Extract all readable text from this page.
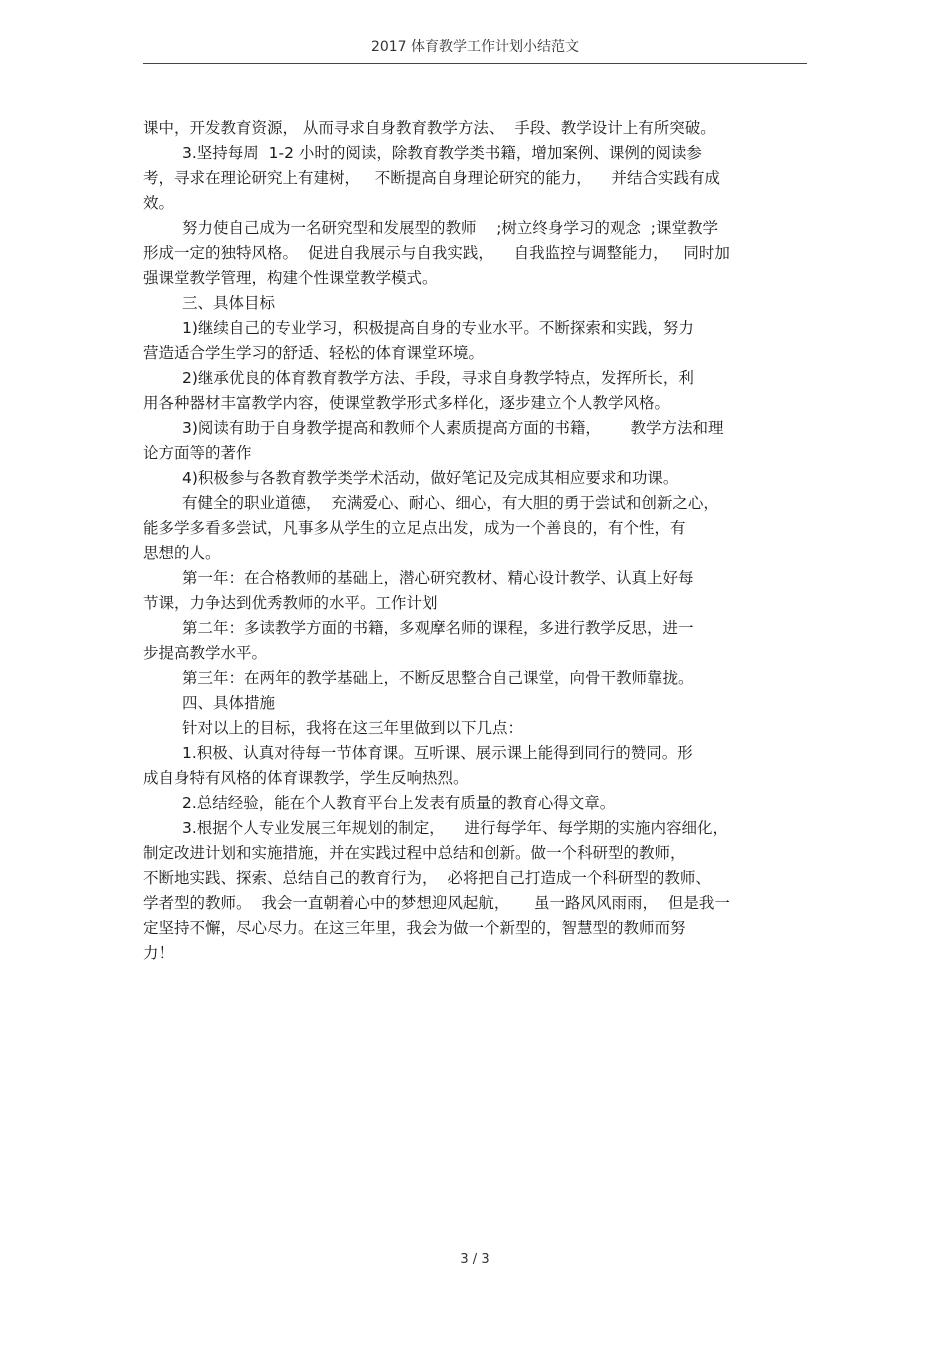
2017 体育教学工作计划小结范文
课中，开发教育资源， 从而寻求自身教育教学方法、  手段、教学设计上有所突破。
3.坚持每周  1-2 小时的阅读，除教育教学类书籍，增加案例、课例的阅读参
考，寻求在理论研究上有建树，   不断提高自身理论研究的能力，    并结合实践有成
效。
努力使自己成为一名研究型和发展型的教师    ;树立终身学习的观念  ;课堂教学
形成一定的独特风格。  促进自我展示与自我实践，    自我监控与调整能力，   同时加
强课堂教学管理，构建个性课堂教学模式。
三、具体目标
1)继续自己的专业学习，积极提高自身的专业水平。不断探索和实践，努力
营造适合学生学习的舒适、轻松的体育课堂环境。
2)继承优良的体育教育教学方法、手段，寻求自身教学特点，发挥所长，利
用各种器材丰富教学内容，使课堂教学形式多样化，逐步建立个人教学风格。
3)阅读有助于自身教学提高和教师个人素质提高方面的书籍，      教学方法和理
论方面等的著作
4)积极参与各教育教学类学术活动，做好笔记及完成其相应要求和功课。
有健全的职业道德，  充满爱心、耐心、细心，有大胆的勇于尝试和创新之心，
能多学多看多尝试，凡事多从学生的立足点出发，成为一个善良的，有个性，有
思想的人。
第一年：在合格教师的基础上，潜心研究教材、精心设计教学、认真上好每
节课，力争达到优秀教师的水平。工作计划
第二年：多读教学方面的书籍，多观摩名师的课程，多进行教学反思，进一
步提高教学水平。
第三年：在两年的教学基础上，不断反思整合自己课堂，向骨干教师靠拢。
四、具体措施
针对以上的目标，我将在这三年里做到以下几点：
1.积极、认真对待每一节体育课。互听课、展示课上能得到同行的赞同。形
成自身特有风格的体育课教学，学生反响热烈。
2.总结经验，能在个人教育平台上发表有质量的教育心得文章。
3.根据个人专业发展三年规划的制定，    进行每学年、每学期的实施内容细化，
制定改进计划和实施措施，并在实践过程中总结和创新。做一个科研型的教师，
不断地实践、探索、总结自己的教育行为，  必将把自己打造成一个科研型的教师、
学者型的教师。  我会一直朝着心中的梦想迎风起航，     虽一路风风雨雨，  但是我一
定坚持不懈，尽心尽力。在这三年里，我会为做一个新型的，智慧型的教师而努
力！
3 / 3
